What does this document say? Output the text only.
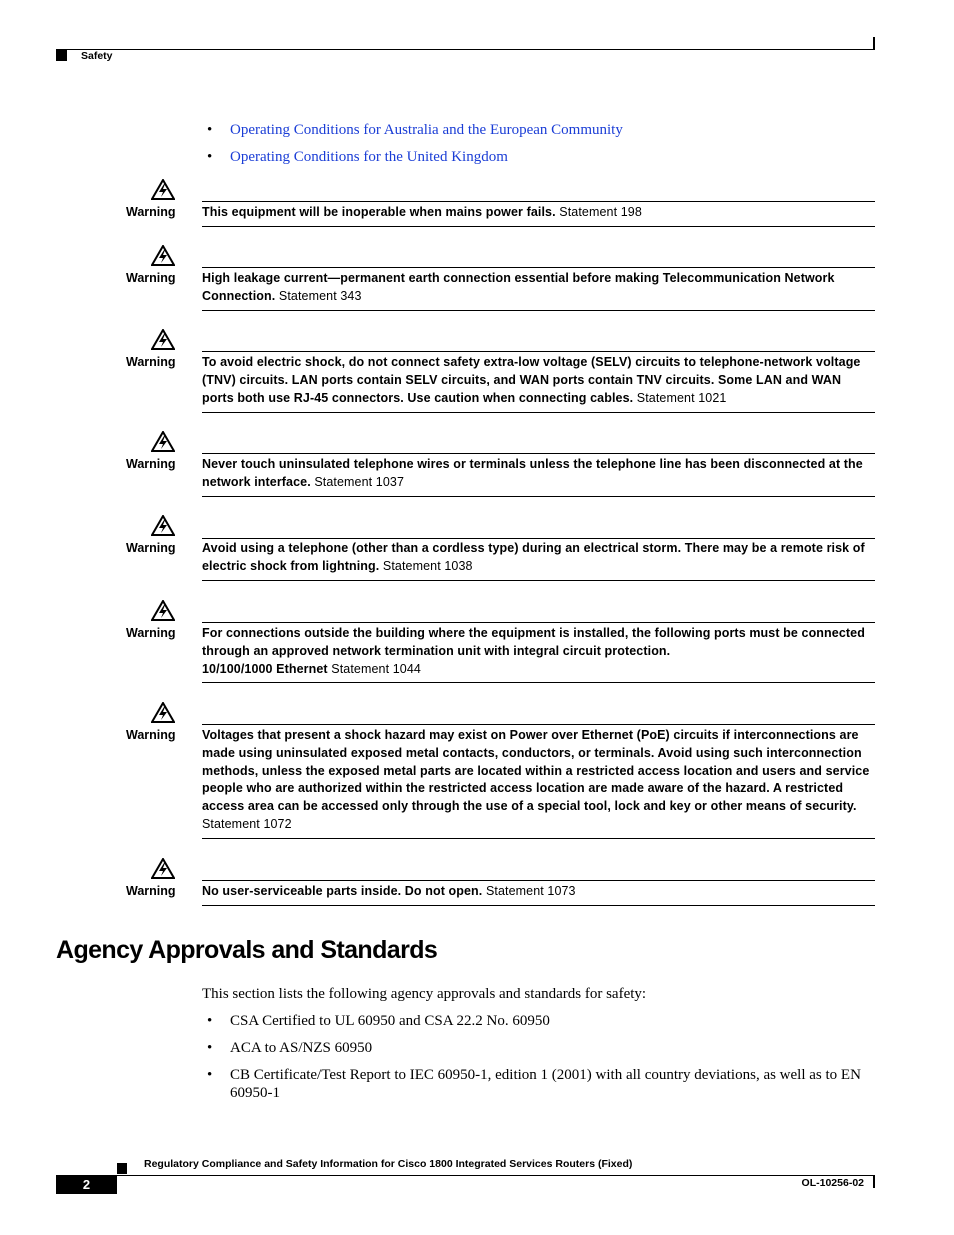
Safety
• Operating Conditions for Australia and the European Community
• Operating Conditions for the United Kingdom
Warning This equipment will be inoperable when mains power fails. Statement 198
Warning High leakage current—permanent earth connection essential before making Telecommunication Network Connection. Statement 343
Warning To avoid electric shock, do not connect safety extra-low voltage (SELV) circuits to telephone-network voltage (TNV) circuits. LAN ports contain SELV circuits, and WAN ports contain TNV circuits. Some LAN and WAN ports both use RJ-45 connectors. Use caution when connecting cables. Statement 1021
Warning Never touch uninsulated telephone wires or terminals unless the telephone line has been disconnected at the network interface. Statement 1037
Warning Avoid using a telephone (other than a cordless type) during an electrical storm. There may be a remote risk of electric shock from lightning. Statement 1038
Warning For connections outside the building where the equipment is installed, the following ports must be connected through an approved network termination unit with integral circuit protection.
10/100/1000 Ethernet Statement 1044
Warning Voltages that present a shock hazard may exist on Power over Ethernet (PoE) circuits if interconnections are made using uninsulated exposed metal contacts, conductors, or terminals. Avoid using such interconnection methods, unless the exposed metal parts are located within a restricted access location and users and service people who are authorized within the restricted access location are made aware of the hazard. A restricted access area can be accessed only through the use of a special tool, lock and key or other means of security. Statement 1072
Warning No user-serviceable parts inside. Do not open. Statement 1073
Agency Approvals and Standards

This section lists the following agency approvals and standards for safety:

• CSA Certified to UL 60950 and CSA 22.2 No. 60950
• ACA to AS/NZS 60950
• CB Certificate/Test Report to IEC 60950-1, edition 1 (2001) with all country deviations, as well as to EN 60950-1
Regulatory Compliance and Safety Information for Cisco 1800 Integrated Services Routers (Fixed)
2	OL-10256-02
